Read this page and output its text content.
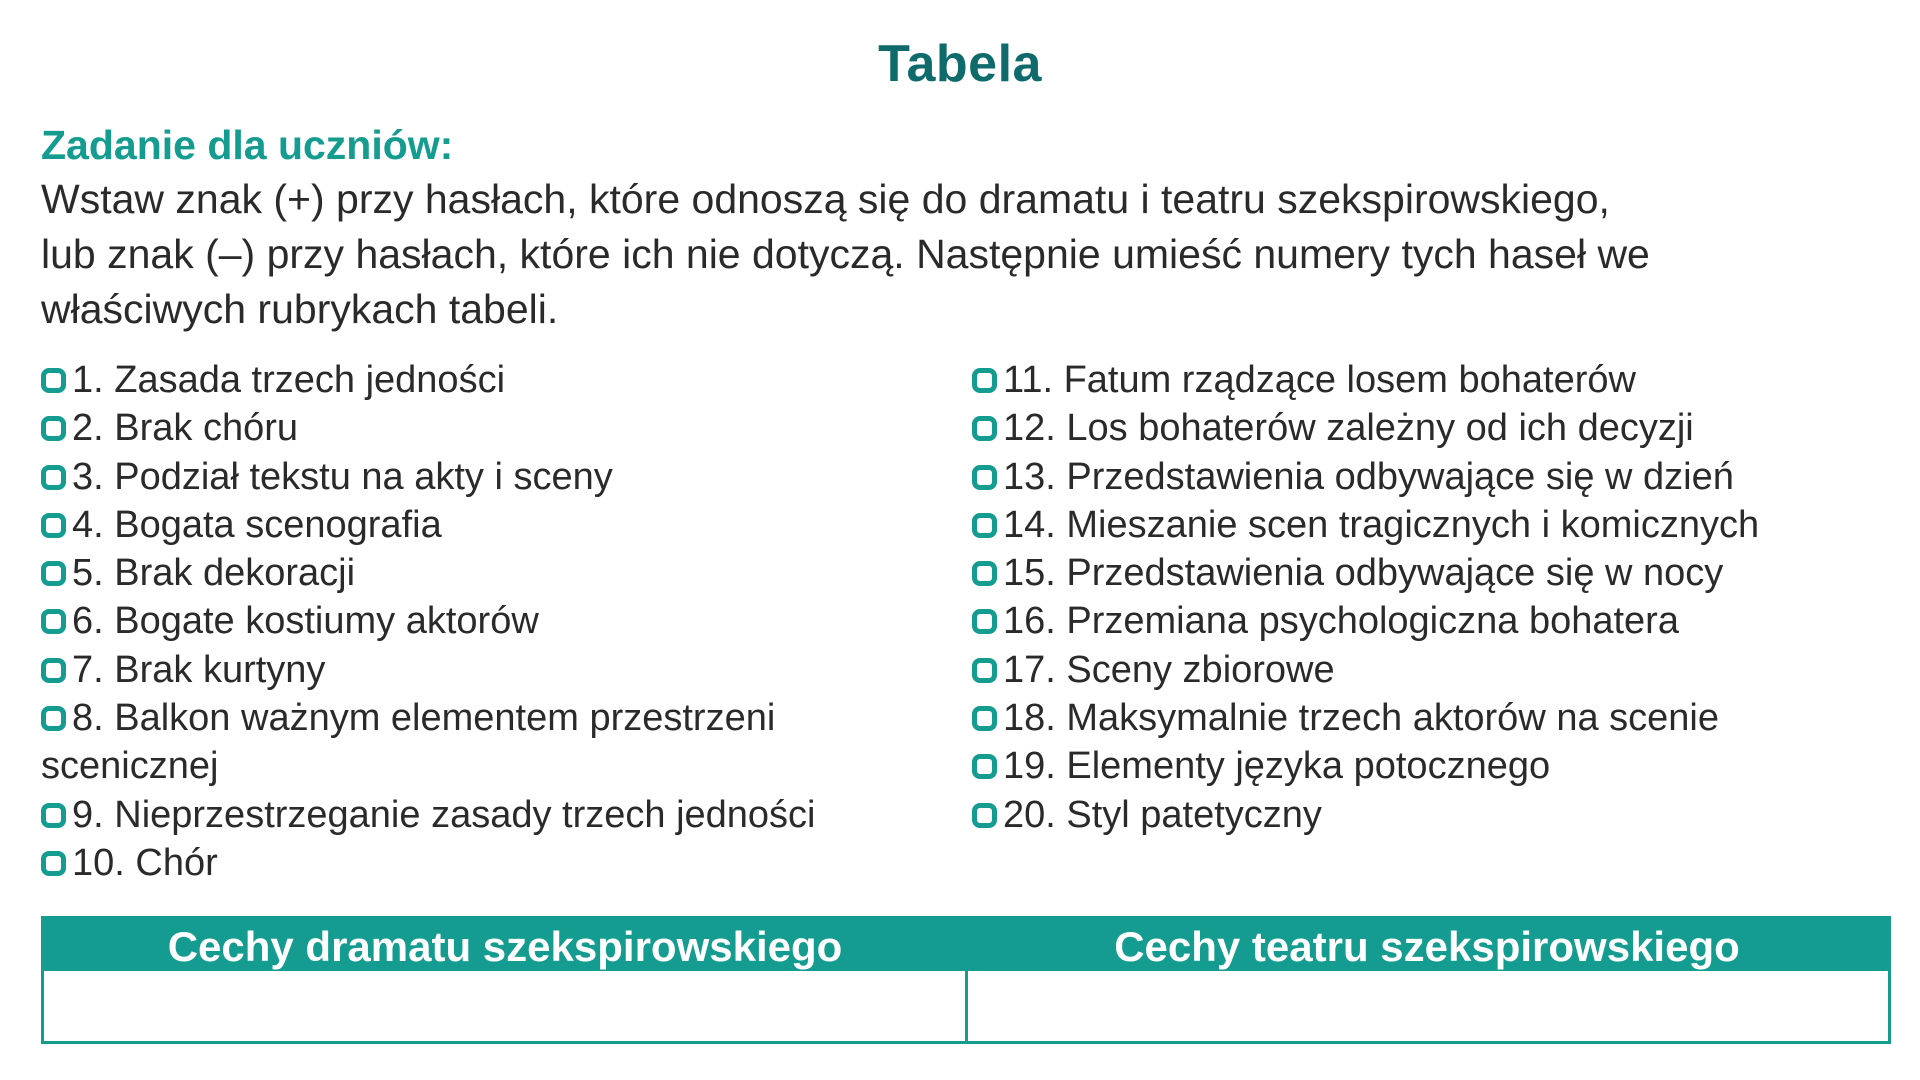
Tabela
Zadanie dla uczniów:
Wstaw znak (+) przy hasłach, które odnoszą się do dramatu i teatru szekspirowskiego,
lub znak (–) przy hasłach, które ich nie dotyczą. Następnie umieść numery tych haseł we
właściwych rubrykach tabeli.
1. Zasada trzech jedności
2. Brak chóru
3. Podział tekstu na akty i sceny
4. Bogata scenografia
5. Brak dekoracji
6. Bogate kostiumy aktorów
7. Brak kurtyny
8. Balkon ważnym elementem przestrzeni
scenicznej
9. Nieprzestrzeganie zasady trzech jedności
10. Chór
11. Fatum rządzące losem bohaterów
12. Los bohaterów zależny od ich decyzji
13. Przedstawienia odbywające się w dzień
14. Mieszanie scen tragicznych i komicznych
15. Przedstawienia odbywające się w nocy
16. Przemiana psychologiczna bohatera
17. Sceny zbiorowe
18. Maksymalnie trzech aktorów na scenie
19. Elementy języka potocznego
20. Styl patetyczny
Cechy dramatu szekspirowskiego	Cechy teatru szekspirowskiego
